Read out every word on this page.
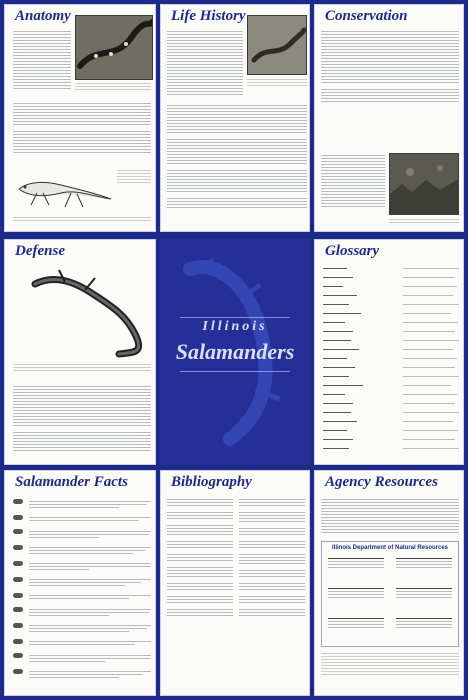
Anatomy	Life History	Conservation
Defense
Illinois
Salamanders
Glossary
Salamander Facts	Bibliography	Agency Resources
Illinois Department of Natural Resources
